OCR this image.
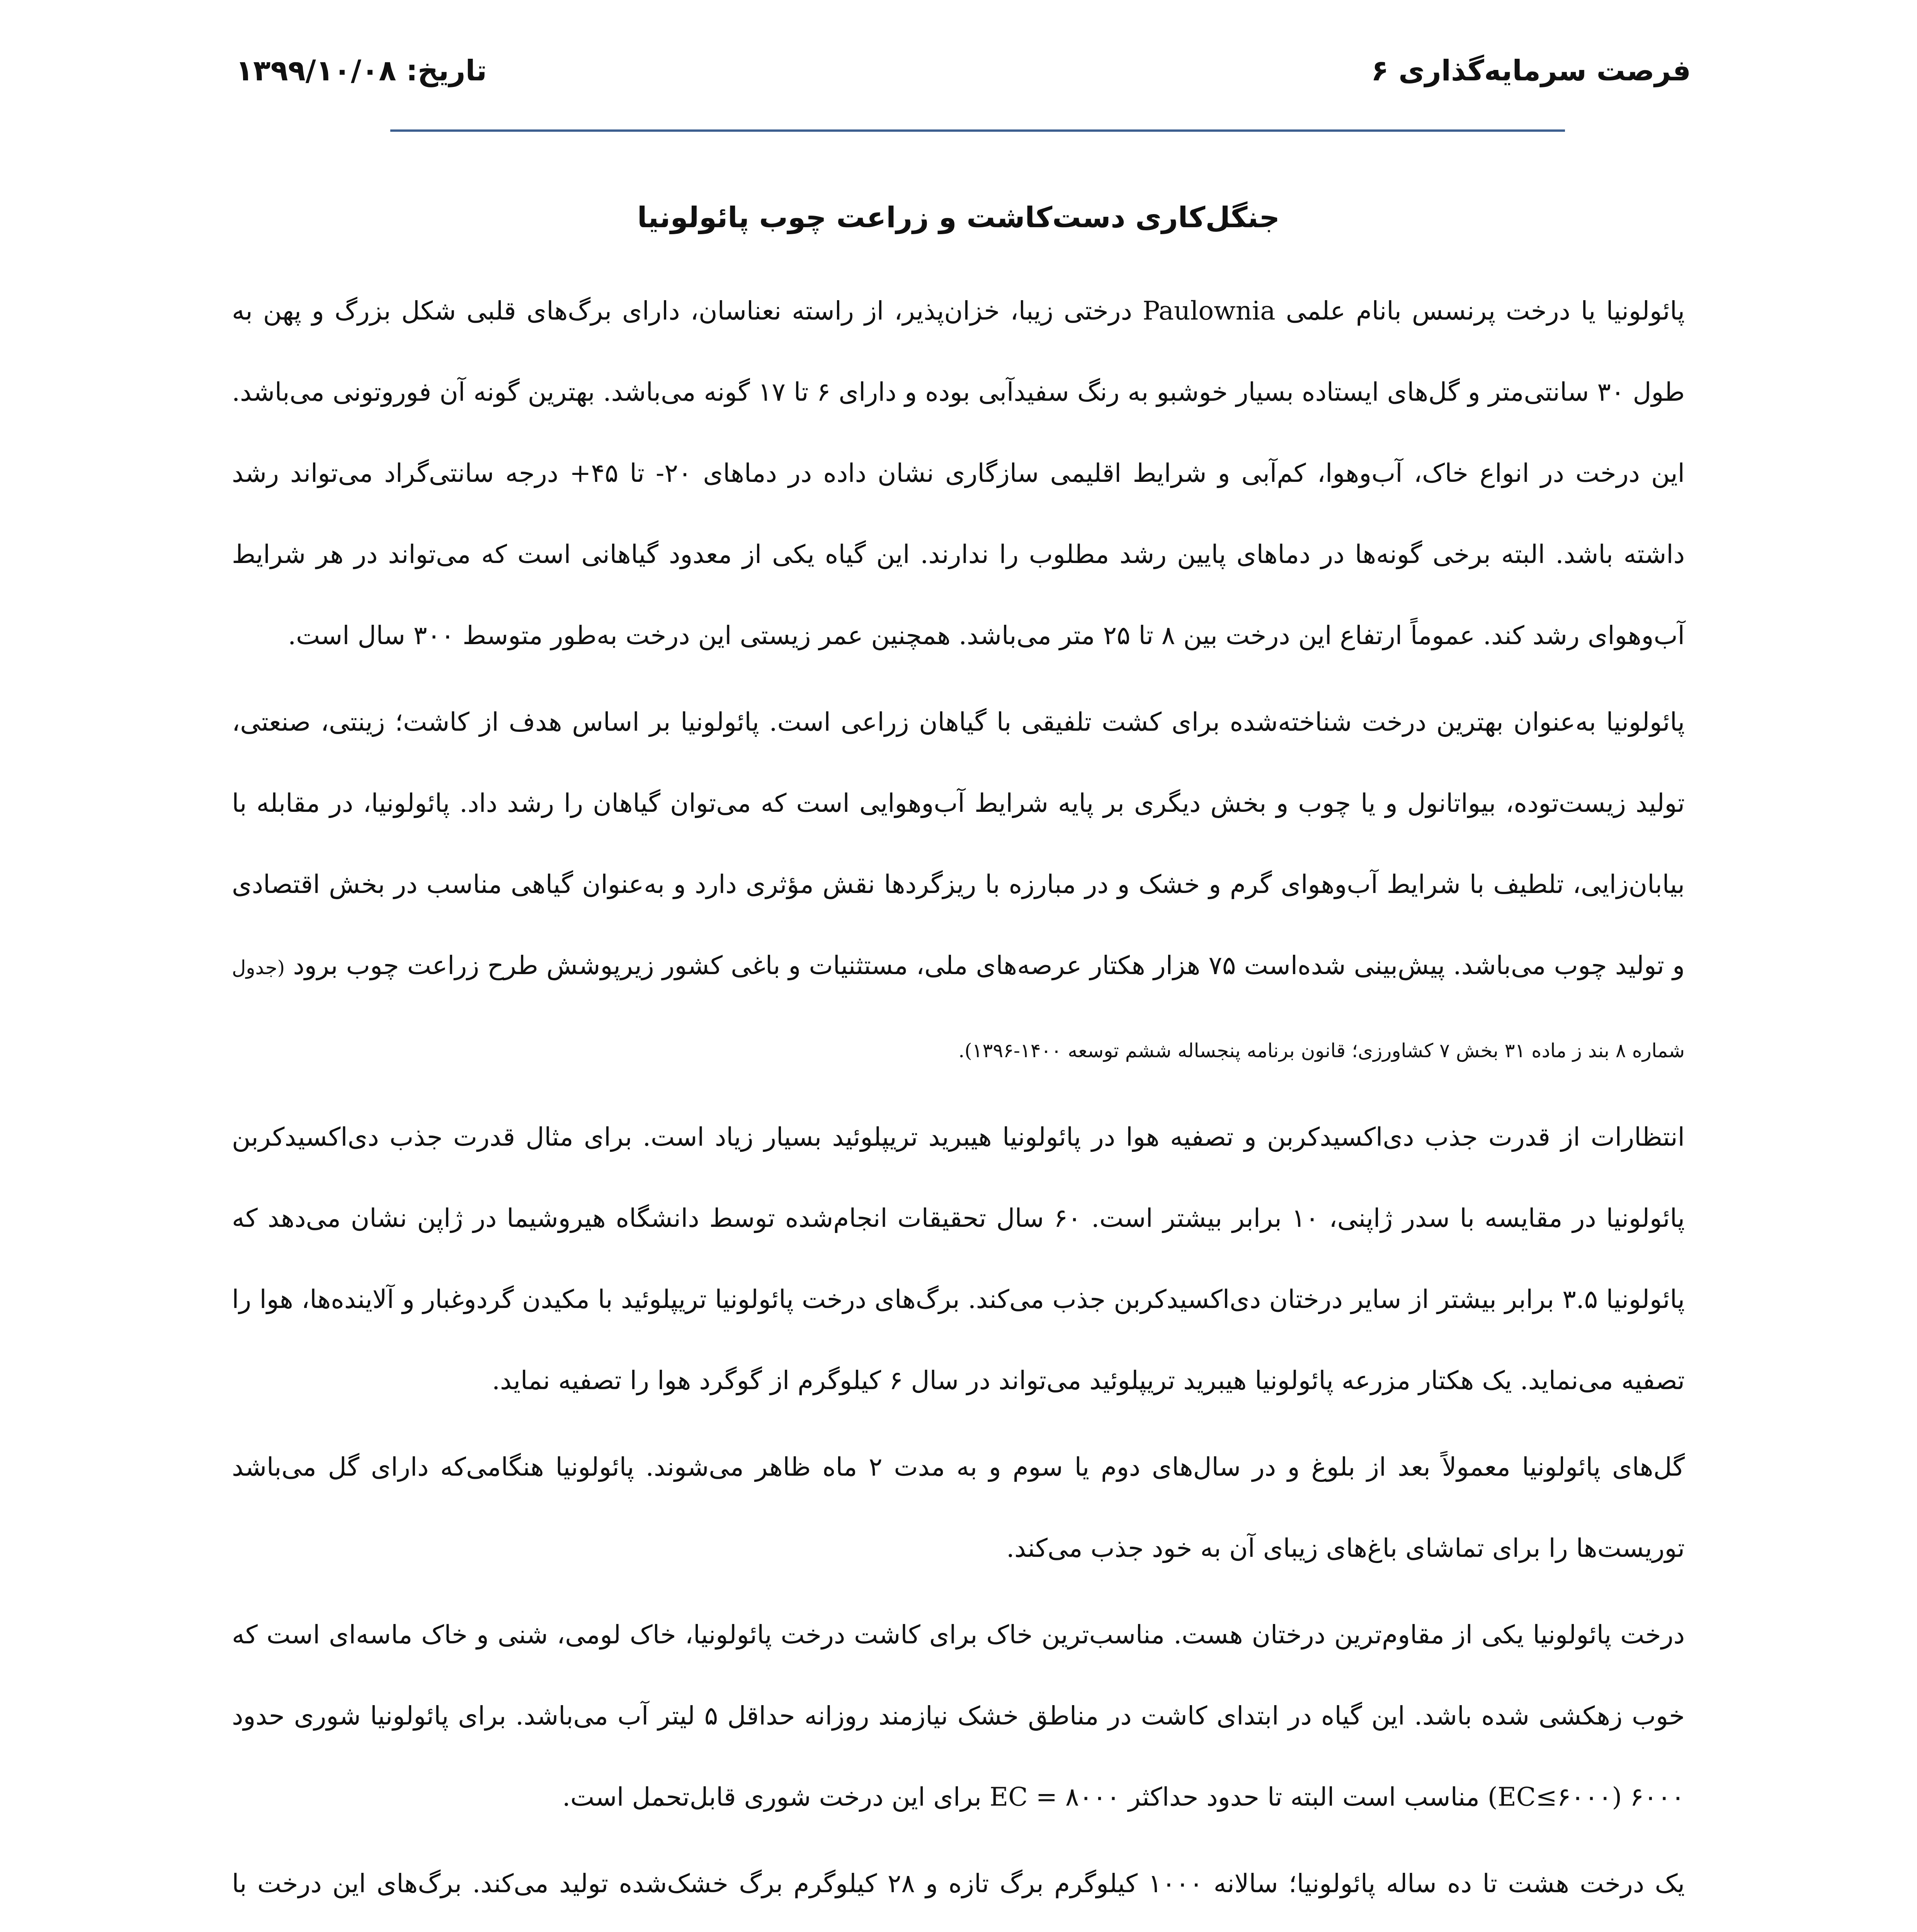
فرصت سرمایه‌گذاری ۶
تاریخ: ۱۳۹۹/۱۰/۰۸
جنگل‌کاری دست‌کاشت و زراعت چوب پائولونیا

پائولونیا یا درخت پرنسس بانام علمی Paulownia درختی زیبا، خزان‌پذیر، از راسته نعناسان، دارای برگ‌های قلبی شکل بزرگ و پهن به طول ۳۰ سانتی‌متر و گل‌های ایستاده بسیار خوشبو به رنگ سفیدآبی بوده و دارای ۶ تا ۱۷ گونه می‌باشد. بهترین گونه آن فوروتونی می‌باشد. این درخت در انواع خاک، آب‌وهوا، کم‌آبی و شرایط اقلیمی سازگاری نشان داده در دماهای ۲۰- تا ۴۵+ درجه سانتی‌گراد می‌تواند رشد داشته باشد. البته برخی گونه‌ها در دماهای پایین رشد مطلوب را ندارند. این گیاه یکی از معدود گیاهانی است که می‌تواند در هر شرایط آب‌وهوای رشد کند. عموماً ارتفاع این درخت بین ۸ تا ۲۵ متر می‌باشد. همچنین عمر زیستی این درخت به‌طور متوسط ۳۰۰ سال است.

پائولونیا به‌عنوان بهترین درخت شناخته‌شده برای کشت تلفیقی با گیاهان زراعی است. پائولونیا بر اساس هدف از کاشت؛ زینتی، صنعتی، تولید زیست‌توده، بیواتانول و یا چوب و بخش دیگری بر پایه شرایط آب‌وهوایی است که می‌توان گیاهان را رشد داد. پائولونیا، در مقابله با بیابان‌زایی، تلطیف با شرایط آب‌وهوای گرم و خشک و در مبارزه با ریزگردها نقش مؤثری دارد و به‌عنوان گیاهی مناسب در بخش اقتصادی و تولید چوب می‌باشد. پیش‌بینی شده‌است ۷۵ هزار هکتار عرصه‌های ملی، مستثنیات و باغی کشور زیرپوشش طرح زراعت چوب برود (جدول شماره ۸ بند ز ماده ۳۱ بخش ۷ کشاورزی؛ قانون برنامه پنجساله ششم توسعه ۱۴۰۰-۱۳۹۶).

انتظارات از قدرت جذب دی‌اکسیدکربن و تصفیه هوا در پائولونیا هیبرید تریپلوئید بسیار زیاد است. برای مثال قدرت جذب دی‌اکسیدکربن پائولونیا در مقایسه با سدر ژاپنی، ۱۰ برابر بیشتر است. ۶۰ سال تحقیقات انجام‌شده توسط دانشگاه هیروشیما در ژاپن نشان می‌دهد که پائولونیا ۳.۵ برابر بیشتر از سایر درختان دی‌اکسیدکربن جذب می‌کند. برگ‌های درخت پائولونیا تریپلوئید با مکیدن گردوغبار و آلاینده‌ها، هوا را تصفیه می‌نماید. یک هکتار مزرعه پائولونیا هیبرید تریپلوئید می‌تواند در سال ۶ کیلوگرم از گوگرد هوا را تصفیه نماید.

گل‌های پائولونیا معمولاً بعد از بلوغ و در سال‌های دوم یا سوم و به مدت ۲ ماه ظاهر می‌شوند. پائولونیا هنگامی‌که دارای گل می‌باشد توریست‌ها را برای تماشای باغ‌های زیبای آن به خود جذب می‌کند.

درخت پائولونیا یکی از مقاوم‌ترین درختان هست. مناسب‌ترین خاک برای کاشت درخت پائولونیا، خاک لومی، شنی و خاک ماسه‌ای است که خوب زهکشی شده باشد. این گیاه در ابتدای کاشت در مناطق خشک نیازمند روزانه حداقل ۵ لیتر آب می‌باشد. برای پائولونیا شوری حدود ۶۰۰۰ (EC≤۶۰۰۰) مناسب است البته تا حدود حداکثر EC = ۸۰۰۰ برای این درخت شوری قابل‌تحمل است.

یک درخت هشت تا ده ساله پائولونیا؛ سالانه ۱۰۰۰ کیلوگرم برگ تازه و ۲۸ کیلوگرم برگ خشک‌شده تولید می‌کند. برگ‌های این درخت با
